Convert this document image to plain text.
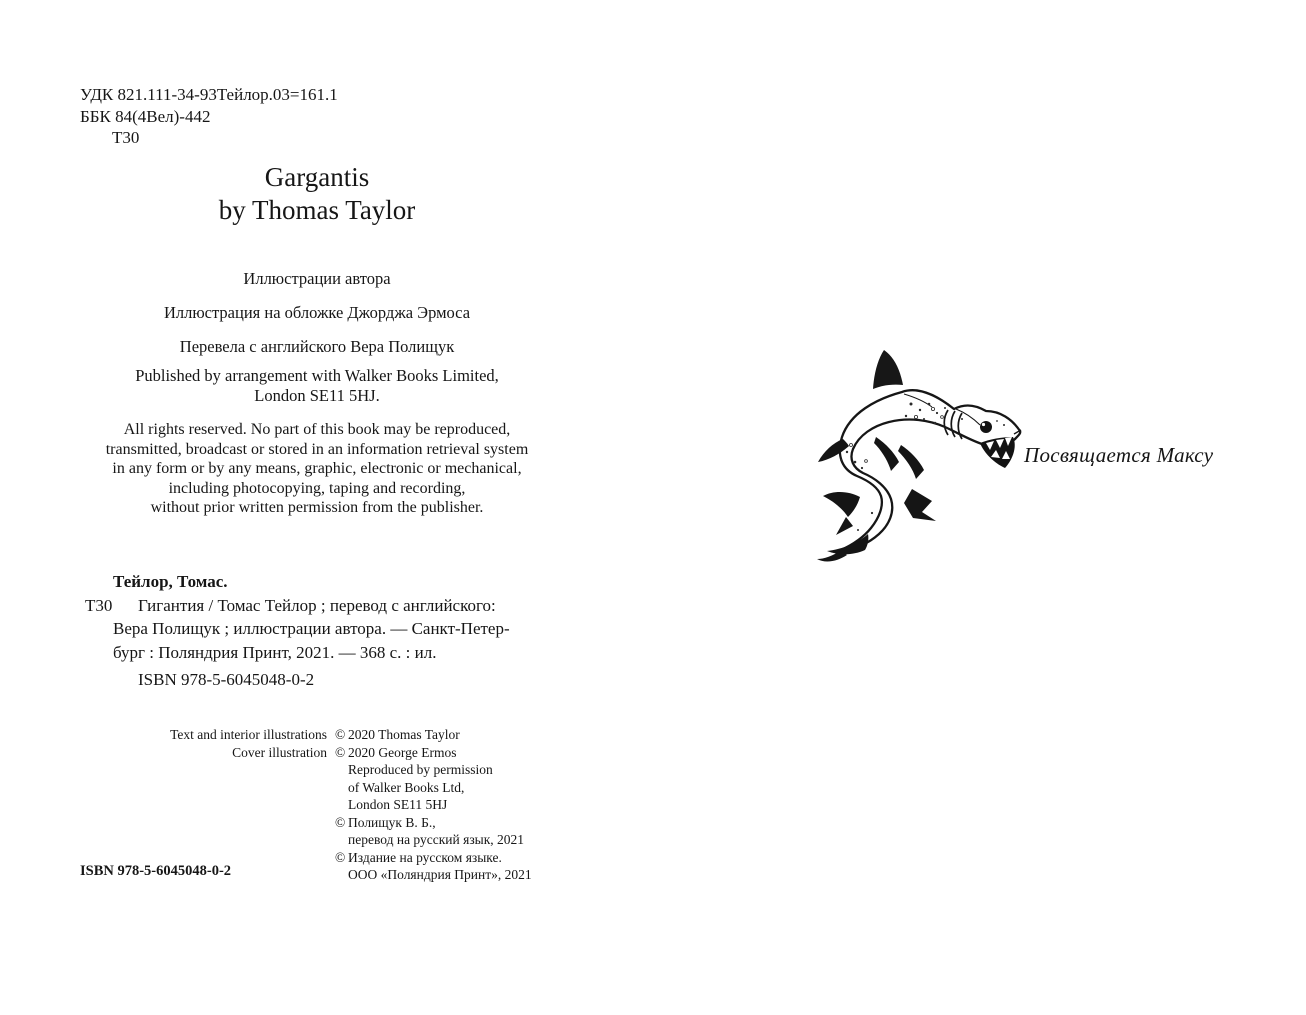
УДК 821.111-34-93Тейлор.03=161.1
ББК 84(4Вел)-442
Т30
Gargantis
by Thomas Taylor
Иллюстрации автора
Иллюстрация на обложке Джорджа Эрмоса
Перевела с английского Вера Полищук
Published by arrangement with Walker Books Limited,
London SE11 5HJ.
All rights reserved. No part of this book may be reproduced,
transmitted, broadcast or stored in an information retrieval system
in any form or by any means, graphic, electronic or mechanical,
including photocopying, taping and recording,
without prior written permission from the publisher.
Тейлор, Томас.
Т30 Гигантия / Томас Тейлор ; перевод с английского:
Вера Полищук ; иллюстрации автора. — Санкт-Петер-
бург : Поляндрия Принт, 2021. — 368 с. : ил.
ISBN 978-5-6045048-0-2
Text and interior illustrations © 2020 Thomas Taylor
Cover illustration © 2020 George Ermos
Reproduced by permission
of Walker Books Ltd,
London SE11 5HJ
© Полищук В. Б.,
перевод на русский язык, 2021
© Издание на русском языке.
ООО «Поляндрия Принт», 2021
ISBN 978-5-6045048-0-2
Посвящается Максу
